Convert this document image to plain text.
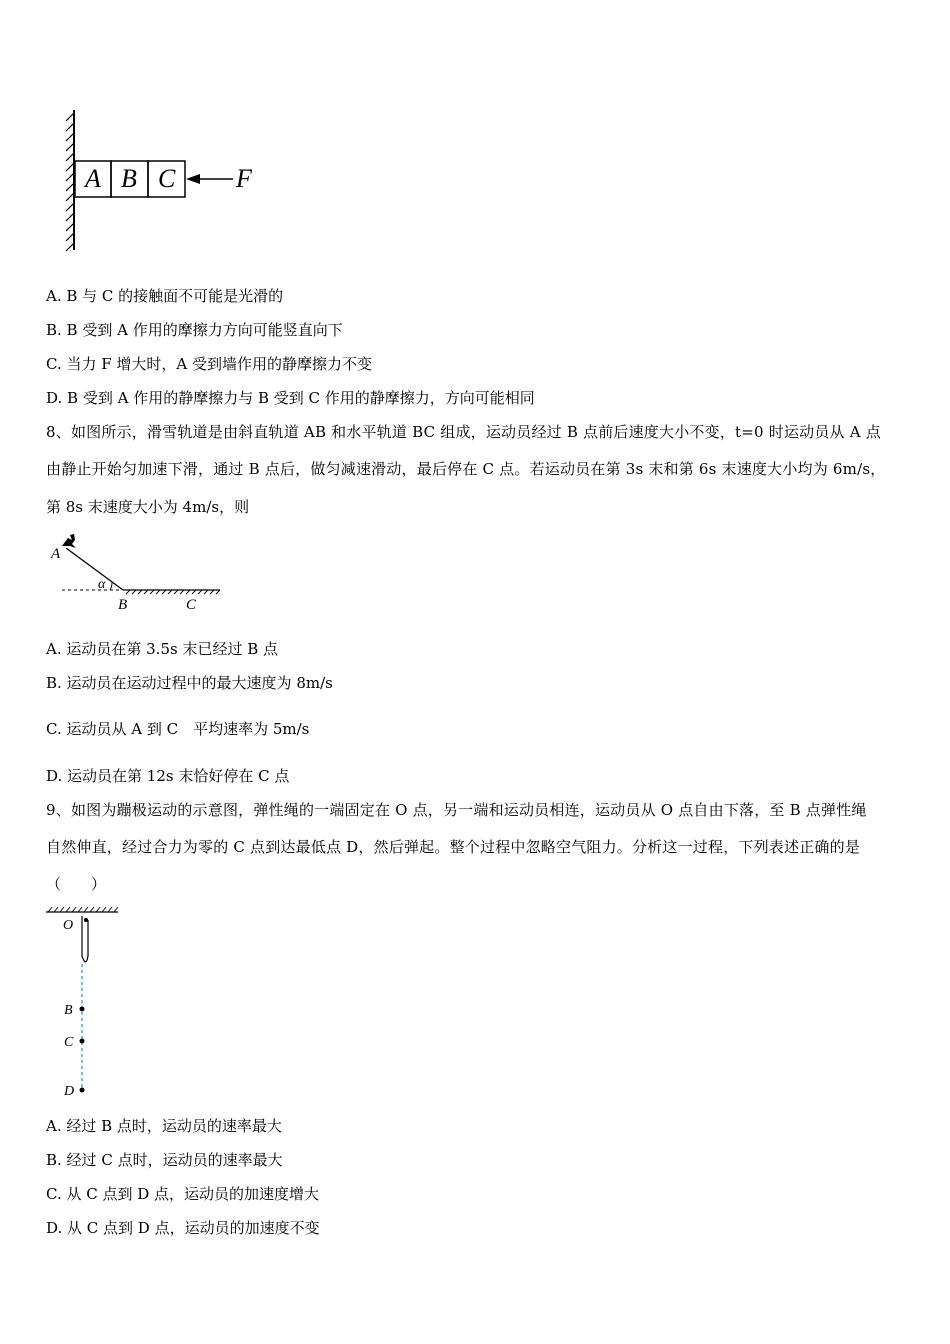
A B C F
A. B 与 C 的接触面不可能是光滑的
B. B 受到 A 作用的摩擦力方向可能竖直向下
C. 当力 F 增大时，A 受到墙作用的静摩擦力不变
D. B 受到 A 作用的静摩擦力与 B 受到 C 作用的静摩擦力，方向可能相同
8、如图所示，滑雪轨道是由斜直轨道 AB 和水平轨道 BC 组成，运动员经过 B 点前后速度大小不变，t=0 时运动员从 A 点
由静止开始匀加速下滑，通过 B 点后，做匀减速滑动，最后停在 C 点。若运动员在第 3s 末和第 6s 末速度大小均为 6m/s，
第 8s 末速度大小为 4m/s，则
A
α
B	C
A. 运动员在第 3.5s 末已经过 B 点
B. 运动员在运动过程中的最大速度为 8m/s
C. 运动员从 A 到 C　平均速率为 5m/s
D. 运动员在第 12s 末恰好停在 C 点
9、如图为蹦极运动的示意图，弹性绳的一端固定在 O 点，另一端和运动员相连，运动员从 O 点自由下落，至 B 点弹性绳
自然伸直，经过合力为零的 C 点到达最低点 D，然后弹起。整个过程中忽略空气阻力。分析这一过程，下列表述正确的是
（　　）
O
B
C
D
A. 经过 B 点时，运动员的速率最大
B. 经过 C 点时，运动员的速率最大
C. 从 C 点到 D 点，运动员的加速度增大
D. 从 C 点到 D 点，运动员的加速度不变
